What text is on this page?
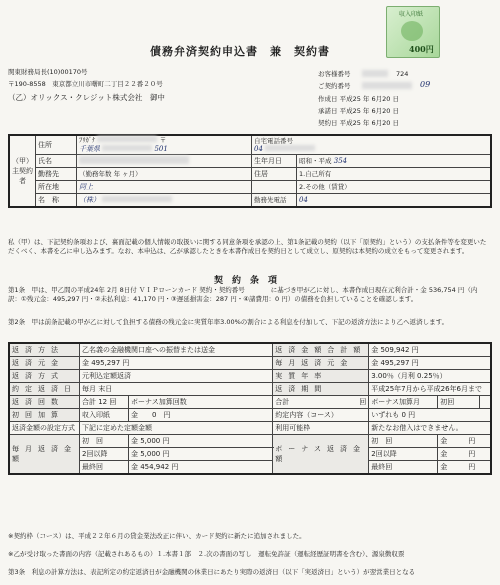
収入印紙
400円
債務弁済契約申込書　兼　契約書
関東財務局長(10)00170号
〒190-8558　東京都立川市曙町二丁目２２番２０号
（乙）オリックス・クレジット株式会社　御中
お客様番号	724
ご契約番号	09
作成日 平成25 年 6月20 日
承諾日 平成25 年 6月20 日
契約日 平成25 年 6月20 日
（甲）主契約者	住所	ﾌﾘｶﾞﾅ 〒
千葉県 501	自宅電話番号
04	
	氏名		生年月日	昭和・平成 354
	勤務先	（勤務年数 年 ヶ月）	住居	1.自己所有
	所在地	同上		2.その他（賃貸）
	名　称	（株）	勤務先電話	04
私（甲）は、下記契約条項および、裏面記載の個人情報の取扱いに関する同意条項を承認の上、第1条記載の契約（以下「原契約」という）の支払条件等を変更いただくべく、本書を乙に申し込みます。なお、本申込は、乙が承認したときを本書作成日を契約日として成立し、原契約は本契約の成立をもって変更されます。
契　約　条　項
第1条　甲は、甲乙間の平成24年 2月 8日付 ＶＩＰローンカード 契約・契約番号　　　　に基づき甲が乙に対し、本書作成日現在元利合計・金 536,754 円（内 訳：①残元金：495,297 円・②未払利息：41,170 円・③遅延損害金：287 円・④諸費用：0 円）の債務を負担していることを確認します。
第2条　甲は前条記載の甲が乙に対して負担する債務の残元金に実質年率3.00%の割合による利息を付加して、下記の返済方法により乙へ返済します。
返済方法	乙名義の金融機関口座への振替または送金		返済金額合計額	金 509,942 円		
返済元金	金 495,297 円		毎月返済元金	金 495,297 円		
返済方式	元利込定額返済		実質年率	3.00％（月利 0.25％）		
約定返済日	毎月 末日		返済期間	平成25年7月から平成26年6月まで		
返済回数	合計 12 回	ボーナス加算回数	合計 回	ボーナス加算月	初回	
初回加算	収入印紙	金　　0　円	約定内容（コース）	いずれも 0 円		
返済金額の設定方式	下記に定めた定額金額		利用可能枠	新たなお借入はできません。		
毎月返済金額	初　回	金 5,000 円	ボーナス返済金額	初　回	金　　　円	
	2回以降	金 5,000 円		2回以降	金　　　円	
	最終回	金 454,942 円		最終回	金　　　円	
※契約枠（コース）は、平成２２年６月の貸金業法改正に伴い、カード契約に新たに追加されました。
※乙が受け取った書面の内容（記載されあるもの）１.本書１部　２.次の書面の写し　運転免許証（運転経歴証明書を含む）、源泉徴収票
第3条　利息の計算方法は、表記所定の約定返済日が金融機関の休業日にあたり実際の返済日（以下「実返済日」という）が翌営業日となる
